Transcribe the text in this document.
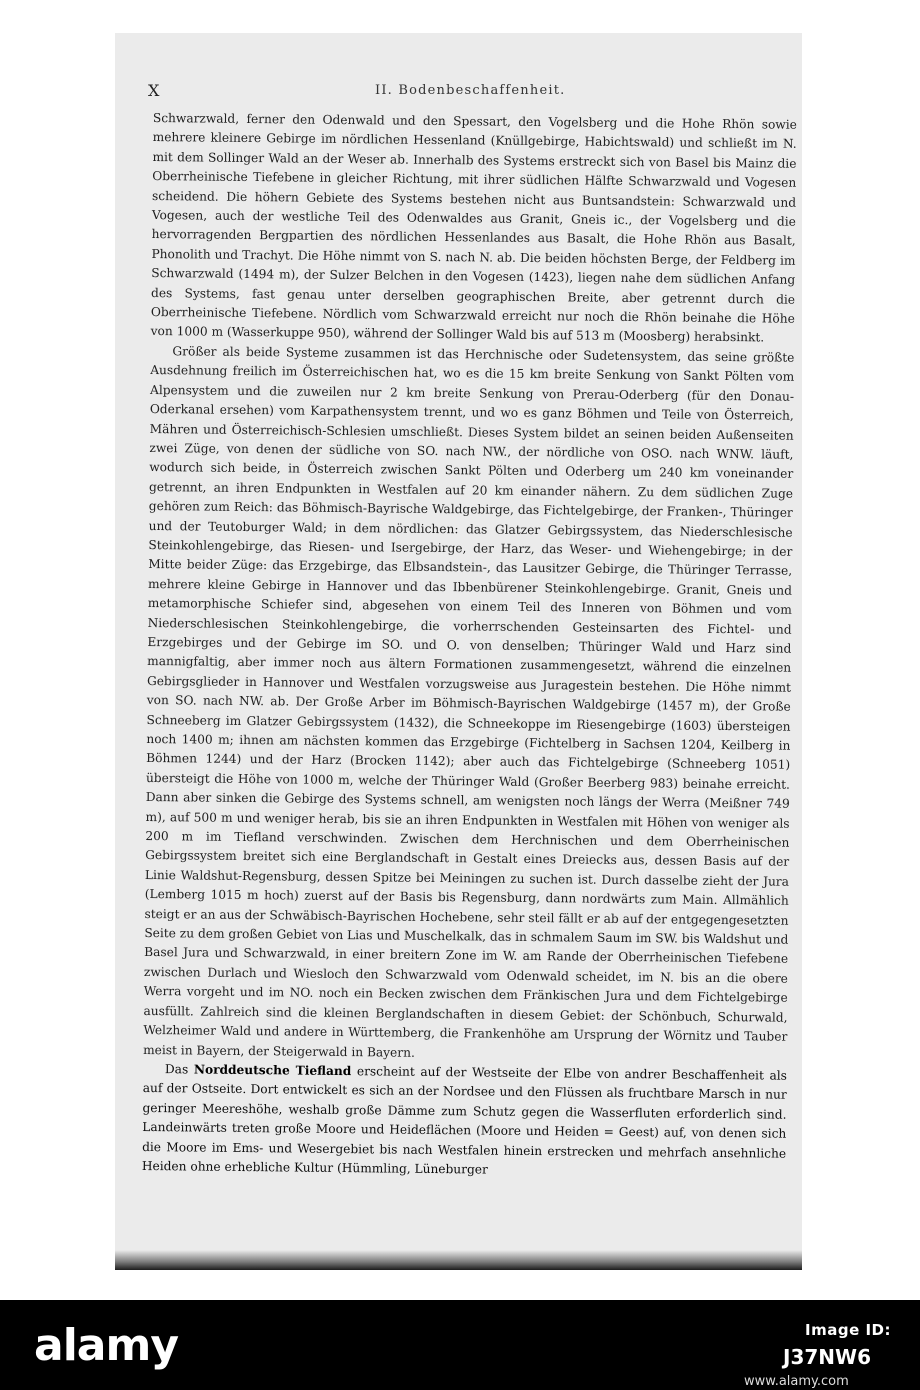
X	II. Bodenbeschaffenheit.

Schwarzwald, ferner den Odenwald und den Spessart, den Vogelsberg und die Hohe Rhön sowie mehrere kleinere Gebirge im nördlichen Hessenland (Knüllgebirge, Habichtswald) und schließt im N. mit dem Sollinger Wald an der Weser ab. Innerhalb des Systems erstreckt sich von Basel bis Mainz die Oberrheinische Tiefebene in gleicher Richtung, mit ihrer südlichen Hälfte Schwarzwald und Vogesen scheidend. Die höhern Gebiete des Systems bestehen nicht aus Buntsandstein: Schwarzwald und Vogesen, auch der westliche Teil des Odenwaldes aus Granit, Gneis ic., der Vogelsberg und die hervorragenden Bergpartien des nördlichen Hessenlandes aus Basalt, die Hohe Rhön aus Basalt, Phonolith und Trachyt. Die Höhe nimmt von S. nach N. ab. Die beiden höchsten Berge, der Feldberg im Schwarzwald (1494 m), der Sulzer Belchen in den Vogesen (1423), liegen nahe dem südlichen Anfang des Systems, fast genau unter derselben geographischen Breite, aber getrennt durch die Oberrheinische Tiefebene. Nördlich vom Schwarzwald erreicht nur noch die Rhön beinahe die Höhe von 1000 m (Wasserkuppe 950), während der Sollinger Wald bis auf 513 m (Moosberg) herabsinkt.

Größer als beide Systeme zusammen ist das Herchnische oder Sudetensystem, das seine größte Ausdehnung freilich im Österreichischen hat, wo es die 15 km breite Senkung von Sankt Pölten vom Alpensystem und die zuweilen nur 2 km breite Senkung von Prerau-Oderberg (für den Donau-Oderkanal ersehen) vom Karpathensystem trennt, und wo es ganz Böhmen und Teile von Österreich, Mähren und Österreichisch-Schlesien umschließt. Dieses System bildet an seinen beiden Außenseiten zwei Züge, von denen der südliche von SO. nach NW., der nördliche von OSO. nach WNW. läuft, wodurch sich beide, in Österreich zwischen Sankt Pölten und Oderberg um 240 km voneinander getrennt, an ihren Endpunkten in Westfalen auf 20 km einander nähern. Zu dem südlichen Zuge gehören zum Reich: das Böhmisch-Bayrische Waldgebirge, das Fichtelgebirge, der Franken-, Thüringer und der Teutoburger Wald; in dem nördlichen: das Glatzer Gebirgssystem, das Niederschlesische Steinkohlengebirge, das Riesen- und Isergebirge, der Harz, das Weser- und Wiehengebirge; in der Mitte beider Züge: das Erzgebirge, das Elbsandstein-, das Lausitzer Gebirge, die Thüringer Terrasse, mehrere kleine Gebirge in Hannover und das Ibbenbürener Steinkohlengebirge. Granit, Gneis und metamorphische Schiefer sind, abgesehen von einem Teil des Inneren von Böhmen und vom Niederschlesischen Steinkohlengebirge, die vorherrschenden Gesteinsarten des Fichtel- und Erzgebirges und der Gebirge im SO. und O. von denselben; Thüringer Wald und Harz sind mannigfaltig, aber immer noch aus ältern Formationen zusammengesetzt, während die einzelnen Gebirgsglieder in Hannover und Westfalen vorzugsweise aus Juragestein bestehen. Die Höhe nimmt von SO. nach NW. ab. Der Große Arber im Böhmisch-Bayrischen Waldgebirge (1457 m), der Große Schneeberg im Glatzer Gebirgssystem (1432), die Schneekoppe im Riesengebirge (1603) übersteigen noch 1400 m; ihnen am nächsten kommen das Erzgebirge (Fichtelberg in Sachsen 1204, Keilberg in Böhmen 1244) und der Harz (Brocken 1142); aber auch das Fichtelgebirge (Schneeberg 1051) übersteigt die Höhe von 1000 m, welche der Thüringer Wald (Großer Beerberg 983) beinahe erreicht. Dann aber sinken die Gebirge des Systems schnell, am wenigsten noch längs der Werra (Meißner 749 m), auf 500 m und weniger herab, bis sie an ihren Endpunkten in Westfalen mit Höhen von weniger als 200 m im Tiefland verschwinden. Zwischen dem Herchnischen und dem Oberrheinischen Gebirgssystem breitet sich eine Berglandschaft in Gestalt eines Dreiecks aus, dessen Basis auf der Linie Waldshut-Regensburg, dessen Spitze bei Meiningen zu suchen ist. Durch dasselbe zieht der Jura (Lemberg 1015 m hoch) zuerst auf der Basis bis Regensburg, dann nordwärts zum Main. Allmählich steigt er an aus der Schwäbisch-Bayrischen Hochebene, sehr steil fällt er ab auf der entgegengesetzten Seite zu dem großen Gebiet von Lias und Muschelkalk, das in schmalem Saum im SW. bis Waldshut und Basel Jura und Schwarzwald, in einer breitern Zone im W. am Rande der Oberrheinischen Tiefebene zwischen Durlach und Wiesloch den Schwarzwald vom Odenwald scheidet, im N. bis an die obere Werra vorgeht und im NO. noch ein Becken zwischen dem Fränkischen Jura und dem Fichtelgebirge ausfüllt. Zahlreich sind die kleinen Berglandschaften in diesem Gebiet: der Schönbuch, Schurwald, Welzheimer Wald und andere in Württemberg, die Frankenhöhe am Ursprung der Wörnitz und Tauber meist in Bayern, der Steigerwald in Bayern.

Das Norddeutsche Tiefland erscheint auf der Westseite der Elbe von andrer Beschaffenheit als auf der Ostseite. Dort entwickelt es sich an der Nordsee und den Flüssen als fruchtbare Marsch in nur geringer Meereshöhe, weshalb große Dämme zum Schutz gegen die Wasserfluten erforderlich sind. Landeinwärts treten große Moore und Heideflächen (Moore und Heiden = Geest) auf, von denen sich die Moore im Ems- und Wesergebiet bis nach Westfalen hinein erstrecken und mehrfach ansehnliche Heiden ohne erhebliche Kultur (Hümmling, Lüneburger

alamy	Image ID:
J37NW6
www.alamy.com
